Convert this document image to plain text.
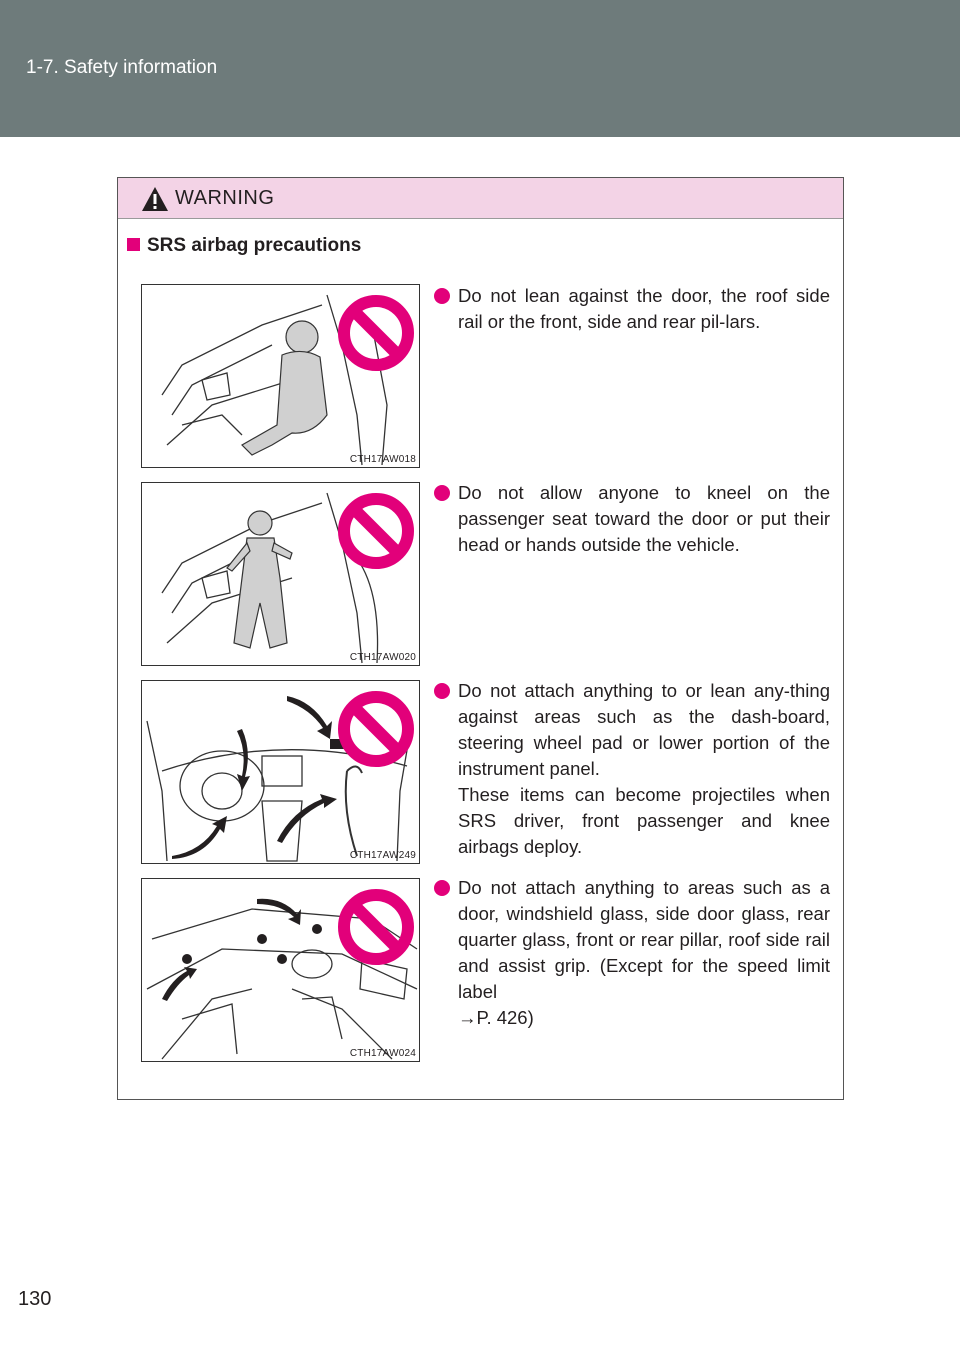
1-7. Safety information
WARNING
SRS airbag precautions
CTH17AW018
CTH17AW020
CTH17AW249
CTH17AW024

Do not lean against the door, the roof side rail or the front, side and rear pil-lars.

Do not allow anyone to kneel on the passenger seat toward the door or put their head or hands outside the vehicle.

Do not attach anything to or lean any-thing against areas such as the dash-board, steering wheel pad or lower portion of the instrument panel.

These items can become projectiles when SRS driver, front passenger and knee airbags deploy.

Do not attach anything to areas such as a door, windshield glass, side door glass, rear quarter glass, front or rear pillar, roof side rail and assist grip. (Except for the speed limit label

→P. 426)

130
